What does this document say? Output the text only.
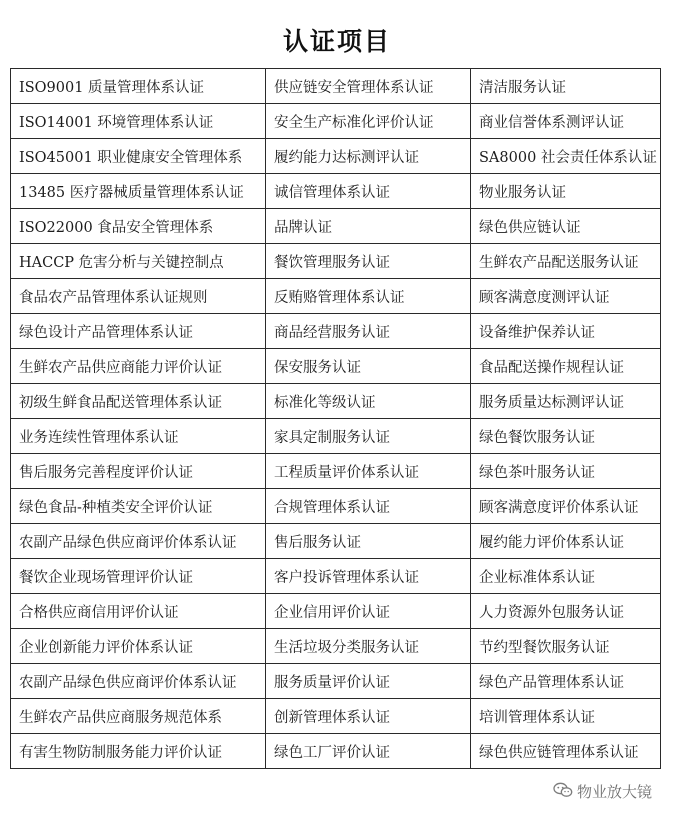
认证项目
ISO9001 质量管理体系认证	供应链安全管理体系认证	清洁服务认证
ISO14001 环境管理体系认证	安全生产标准化评价认证	商业信誉体系测评认证
ISO45001 职业健康安全管理体系	履约能力达标测评认证	SA8000 社会责任体系认证
13485 医疗器械质量管理体系认证	诚信管理体系认证	物业服务认证
ISO22000 食品安全管理体系	品牌认证	绿色供应链认证
HACCP 危害分析与关键控制点	餐饮管理服务认证	生鲜农产品配送服务认证
食品农产品管理体系认证规则	反贿赂管理体系认证	顾客满意度测评认证
绿色设计产品管理体系认证	商品经营服务认证	设备维护保养认证
生鲜农产品供应商能力评价认证	保安服务认证	食品配送操作规程认证
初级生鲜食品配送管理体系认证	标准化等级认证	服务质量达标测评认证
业务连续性管理体系认证	家具定制服务认证	绿色餐饮服务认证
售后服务完善程度评价认证	工程质量评价体系认证	绿色茶叶服务认证
绿色食品-种植类安全评价认证	合规管理体系认证	顾客满意度评价体系认证
农副产品绿色供应商评价体系认证	售后服务认证	履约能力评价体系认证
餐饮企业现场管理评价认证	客户投诉管理体系认证	企业标准体系认证
合格供应商信用评价认证	企业信用评价认证	人力资源外包服务认证
企业创新能力评价体系认证	生活垃圾分类服务认证	节约型餐饮服务认证
农副产品绿色供应商评价体系认证	服务质量评价认证	绿色产品管理体系认证
生鲜农产品供应商服务规范体系	创新管理体系认证	培训管理体系认证
有害生物防制服务能力评价认证	绿色工厂评价认证	绿色供应链管理体系认证
物业放大镜
